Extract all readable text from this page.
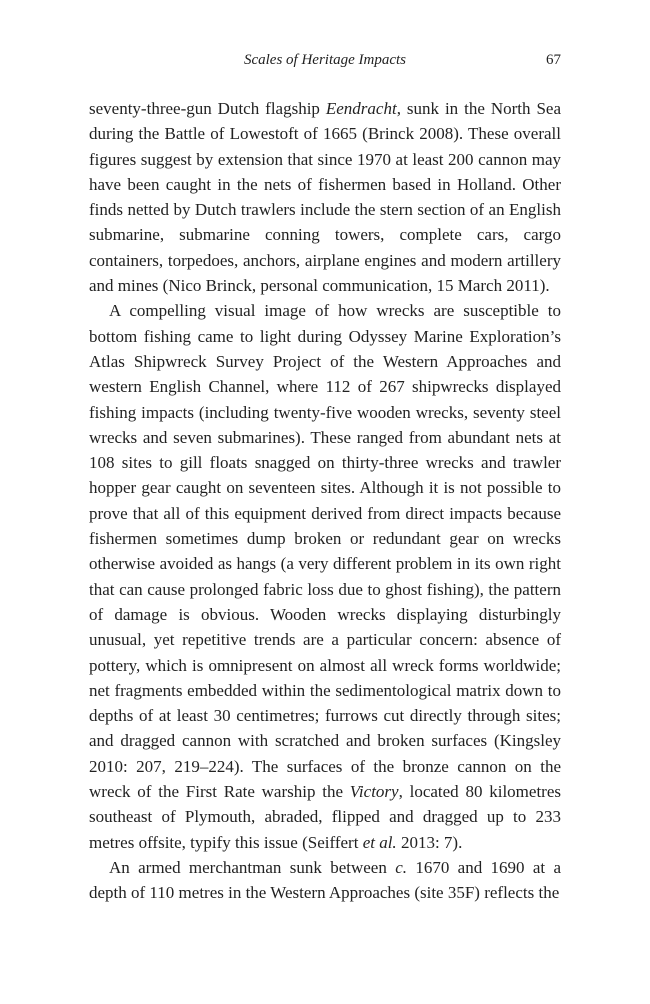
Scales of Heritage Impacts	67

seventy-three-gun Dutch flagship Eendracht, sunk in the North Sea during the Battle of Lowestoft of 1665 (Brinck 2008). These overall figures suggest by extension that since 1970 at least 200 cannon may have been caught in the nets of fishermen based in Holland. Other finds netted by Dutch trawlers include the stern section of an English submarine, submarine conning towers, complete cars, cargo containers, torpedoes, anchors, airplane engines and modern artillery and mines (Nico Brinck, personal communication, 15 March 2011).

A compelling visual image of how wrecks are susceptible to bottom fishing came to light during Odyssey Marine Exploration’s Atlas Shipwreck Survey Project of the Western Approaches and western English Channel, where 112 of 267 shipwrecks displayed fishing impacts (including twenty-five wooden wrecks, seventy steel wrecks and seven submarines). These ranged from abundant nets at 108 sites to gill floats snagged on thirty-three wrecks and trawler hopper gear caught on seventeen sites. Although it is not possible to prove that all of this equipment derived from direct impacts because fishermen sometimes dump broken or redundant gear on wrecks otherwise avoided as hangs (a very different problem in its own right that can cause prolonged fabric loss due to ghost fishing), the pattern of damage is obvious. Wooden wrecks displaying disturbingly unusual, yet repetitive trends are a particular concern: absence of pottery, which is omnipresent on almost all wreck forms worldwide; net fragments embedded within the sedimentological matrix down to depths of at least 30 centimetres; furrows cut directly through sites; and dragged cannon with scratched and broken surfaces (Kingsley 2010: 207, 219–224). The surfaces of the bronze cannon on the wreck of the First Rate warship the Victory, located 80 kilometres southeast of Plymouth, abraded, flipped and dragged up to 233 metres offsite, typify this issue (Seiffert et al. 2013: 7).

An armed merchantman sunk between c. 1670 and 1690 at a depth of 110 metres in the Western Approaches (site 35F) reflects the
